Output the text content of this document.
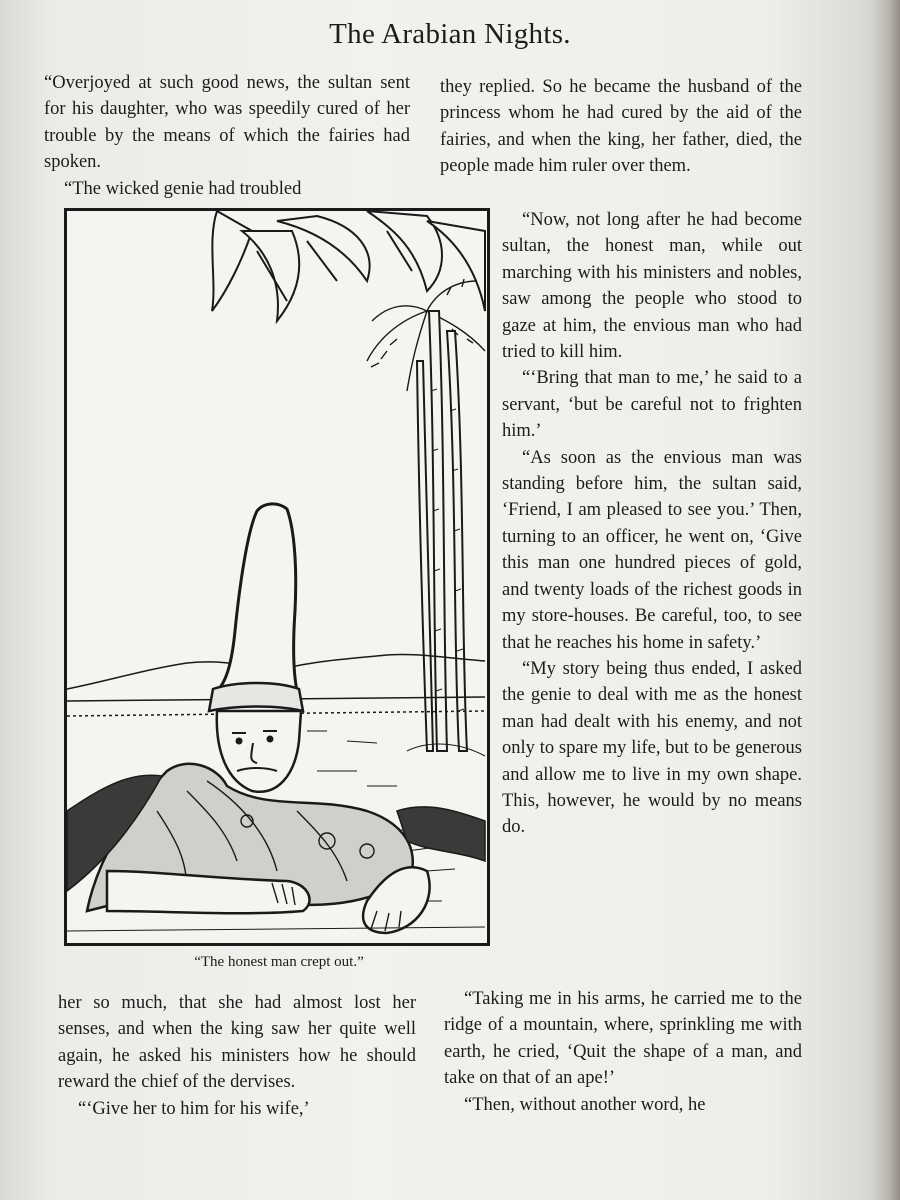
The Arabian Nights.

“Overjoyed at such good news, the sultan sent for his daughter, who was speedily cured of her trouble by the means of which the fairies had spoken.

“The wicked genie had troubled

“The honest man crept out.”

her so much, that she had almost lost her senses, and when the king saw her quite well again, he asked his ministers how he should reward the chief of the dervises.

“‘Give her to him for his wife,’

they replied. So he became the husband of the princess whom he had cured by the aid of the fairies, and when the king, her father, died, the people made him ruler over them.

“Now, not long after he had become sultan, the honest man, while out marching with his ministers and nobles, saw among the people who stood to gaze at him, the envious man who had tried to kill him.

“‘Bring that man to me,’ he said to a servant, ‘but be careful not to frighten him.’

“As soon as the envious man was standing before him, the sultan said, ‘Friend, I am pleased to see you.’ Then, turning to an officer, he went on, ‘Give this man one hundred pieces of gold, and twenty loads of the richest goods in my store-houses. Be careful, too, to see that he reaches his home in safety.’

“My story being thus ended, I asked the genie to deal with me as the honest man had dealt with his enemy, and not only to spare my life, but to be generous and allow me to live in my own shape. This, however, he would by no means do.

“Taking me in his arms, he carried me to the ridge of a mountain, where, sprinkling me with earth, he cried, ‘Quit the shape of a man, and take on that of an ape!’

“Then, without another word, he
